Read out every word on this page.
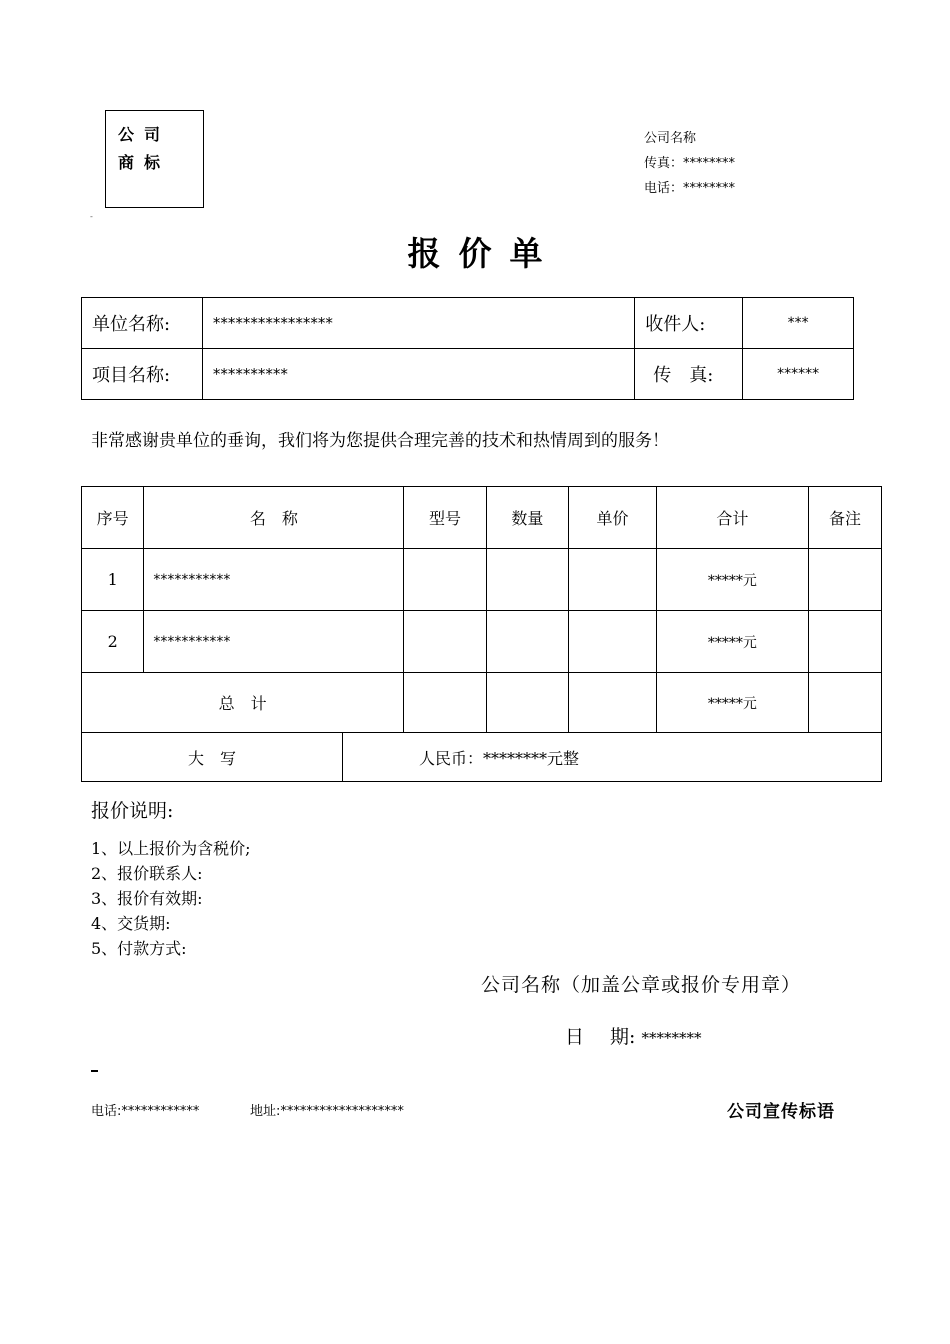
公司商标
公司名称
传真：********
电话：********
-
报价单
单位名称:	****************	收件人:	***
项目名称:	**********	传　真:	******
非常感谢贵单位的垂询，我们将为您提供合理完善的技术和热情周到的服务！
序号	名　称		型号	数量	单价	合计	备注
1	***********					*****元	
2	***********					*****元	
总　计						*****元	
大　写		人民币：********元整					
报价说明:
1、以上报价为含税价;
2、报价联系人:
3、报价有效期:
4、交货期:
5、付款方式:
公司名称（加盖公章或报价专用章）
日 期: ********
电话:************	地址:*******************	公司宣传标语
